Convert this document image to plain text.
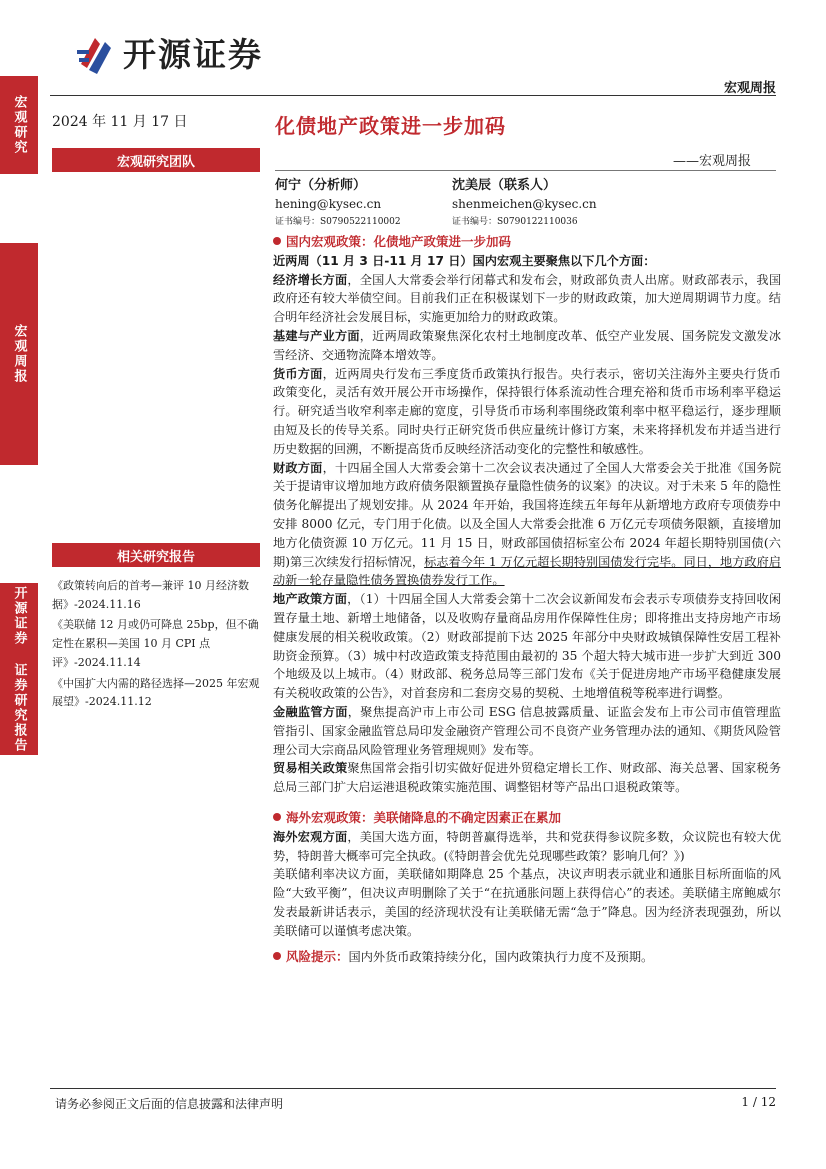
开源证券
宏观周报
宏观研究
宏观周报
开源证券 证券研究报告
2024 年 11 月 17 日
宏观研究团队
相关研究报告

《政策转向后的首考—兼评 10 月经济数据》-2024.11.16

《美联储 12 月或仍可降息 25bp，但不确定性在累积—美国 10 月 CPI 点评》-2024.11.14

《中国扩大内需的路径选择—2025 年宏观展望》-2024.11.12

化债地产政策进一步加码
——宏观周报
何宁（分析师）
hening@kysec.cn
证书编号：S0790522110002
沈美辰（联系人）
shenmeichen@kysec.cn
证书编号：S0790122110036

国内宏观政策：化债地产政策进一步加码

近两周（11 月 3 日-11 月 17 日）国内宏观主要聚焦以下几个方面：

经济增长方面，全国人大常委会举行闭幕式和发布会，财政部负责人出席。财政部表示，我国政府还有较大举债空间。目前我们正在积极谋划下一步的财政政策，加大逆周期调节力度。结合明年经济社会发展目标，实施更加给力的财政政策。

基建与产业方面，近两周政策聚焦深化农村土地制度改革、低空产业发展、国务院发文激发冰雪经济、交通物流降本增效等。

货币方面，近两周央行发布三季度货币政策执行报告。央行表示，密切关注海外主要央行货币政策变化，灵活有效开展公开市场操作，保持银行体系流动性合理充裕和货币市场利率平稳运行。研究适当收窄利率走廊的宽度，引导货币市场利率围绕政策利率中枢平稳运行，逐步理顺由短及长的传导关系。同时央行正研究货币供应量统计修订方案，未来将择机发布并适当进行历史数据的回溯，不断提高货币反映经济活动变化的完整性和敏感性。

财政方面，十四届全国人大常委会第十二次会议表决通过了全国人大常委会关于批准《国务院关于提请审议增加地方政府债务限额置换存量隐性债务的议案》的决议。对于未来 5 年的隐性债务化解提出了规划安排。从 2024 年开始，我国将连续五年每年从新增地方政府专项债券中安排 8000 亿元，专门用于化债。以及全国人大常委会批准 6 万亿元专项债务限额，直接增加地方化债资源 10 万亿元。11 月 15 日，财政部国债招标室公布 2024 年超长期特别国债(六期)第三次续发行招标情况，标志着今年 1 万亿元超长期特别国债发行完毕。同日，地方政府启动新一轮存量隐性债务置换债券发行工作。

地产政策方面，（1）十四届全国人大常委会第十二次会议新闻发布会表示专项债券支持回收闲置存量土地、新增土地储备，以及收购存量商品房用作保障性住房；即将推出支持房地产市场健康发展的相关税收政策。（2）财政部提前下达 2025 年部分中央财政城镇保障性安居工程补助资金预算。（3）城中村改造政策支持范围由最初的 35 个超大特大城市进一步扩大到近 300 个地级及以上城市。（4）财政部、税务总局等三部门发布《关于促进房地产市场平稳健康发展有关税收政策的公告》，对首套房和二套房交易的契税、土地增值税等税率进行调整。

金融监管方面，聚焦提高沪市上市公司 ESG 信息披露质量、证监会发布上市公司市值管理监管指引、国家金融监管总局印发金融资产管理公司不良资产业务管理办法的通知、《期货风险管理公司大宗商品风险管理业务管理规则》发布等。

贸易相关政策聚焦国常会指引切实做好促进外贸稳定增长工作、财政部、海关总署、国家税务总局三部门扩大启运港退税政策实施范围、调整铝材等产品出口退税政策等。

海外宏观政策：美联储降息的不确定因素正在累加

海外宏观方面，美国大选方面，特朗普赢得选举，共和党获得参议院多数，众议院也有较大优势，特朗普大概率可完全执政。(《特朗普会优先兑现哪些政策？影响几何？》)

美联储利率决议方面，美联储如期降息 25 个基点，决议声明表示就业和通胀目标所面临的风险“大致平衡”，但决议声明删除了关于“在抗通胀问题上获得信心”的表述。美联储主席鲍威尔发表最新讲话表示，美国的经济现状没有让美联储无需“急于”降息。因为经济表现强劲，所以美联储可以谨慎考虑决策。

风险提示：国内外货币政策持续分化，国内政策执行力度不及预期。

请务必参阅正文后面的信息披露和法律声明	1 / 12
